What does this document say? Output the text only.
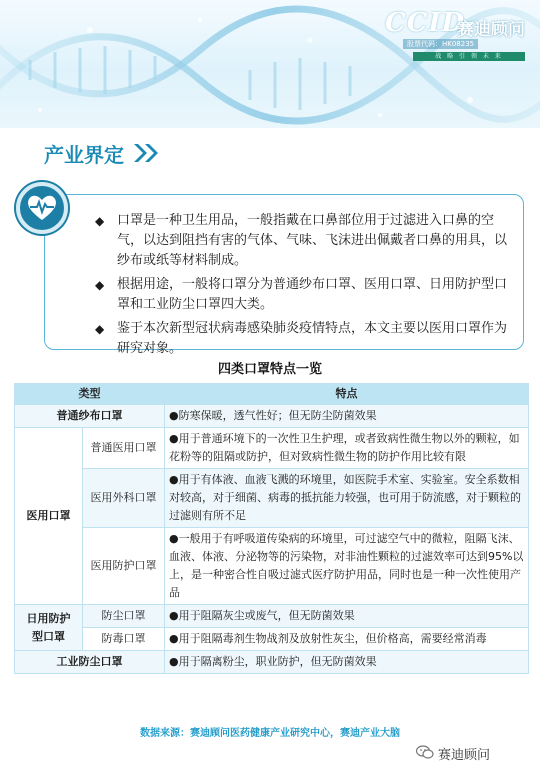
CCID
赛迪顾问
股票代码：HK08235
战 略 引 领 未 来
产业界定
◆ 口罩是一种卫生用品，一般指戴在口鼻部位用于过滤进入口鼻的空气，以达到阻挡有害的气体、气味、飞沫进出佩戴者口鼻的用具，以纱布或纸等材料制成。
◆ 根据用途，一般将口罩分为普通纱布口罩、医用口罩、日用防护型口罩和工业防尘口罩四大类。
◆ 鉴于本次新型冠状病毒感染肺炎疫情特点，本文主要以医用口罩作为研究对象。
四类口罩特点一览
类型		特点
普通纱布口罩		●防寒保暖，透气性好；但无防尘防菌效果
医用口罩	普通医用口罩	●用于普通环境下的一次性卫生护理，或者致病性微生物以外的颗粒，如花粉等的阻隔或防护，但对致病性微生物的防护作用比较有限
	医用外科口罩	●用于有体液、血液飞溅的环境里，如医院手术室、实验室。安全系数相对较高，对于细菌、病毒的抵抗能力较强，也可用于防流感，对于颗粒的过滤则有所不足
	医用防护口罩	●一般用于有呼吸道传染病的环境里，可过滤空气中的微粒，阻隔飞沫、血液、体液、分泌物等的污染物，对非油性颗粒的过滤效率可达到95%以上，是一种密合性自吸过滤式医疗防护用品，同时也是一种一次性使用产品
日用防护
型口罩	防尘口罩	●用于阻隔灰尘或废气，但无防菌效果
	防毒口罩	●用于阻隔毒剂生物战剂及放射性灰尘，但价格高，需要经常消毒
工业防尘口罩		●用于隔离粉尘，职业防护，但无防菌效果
数据来源：赛迪顾问医药健康产业研究中心，赛迪产业大脑
赛迪顾问
